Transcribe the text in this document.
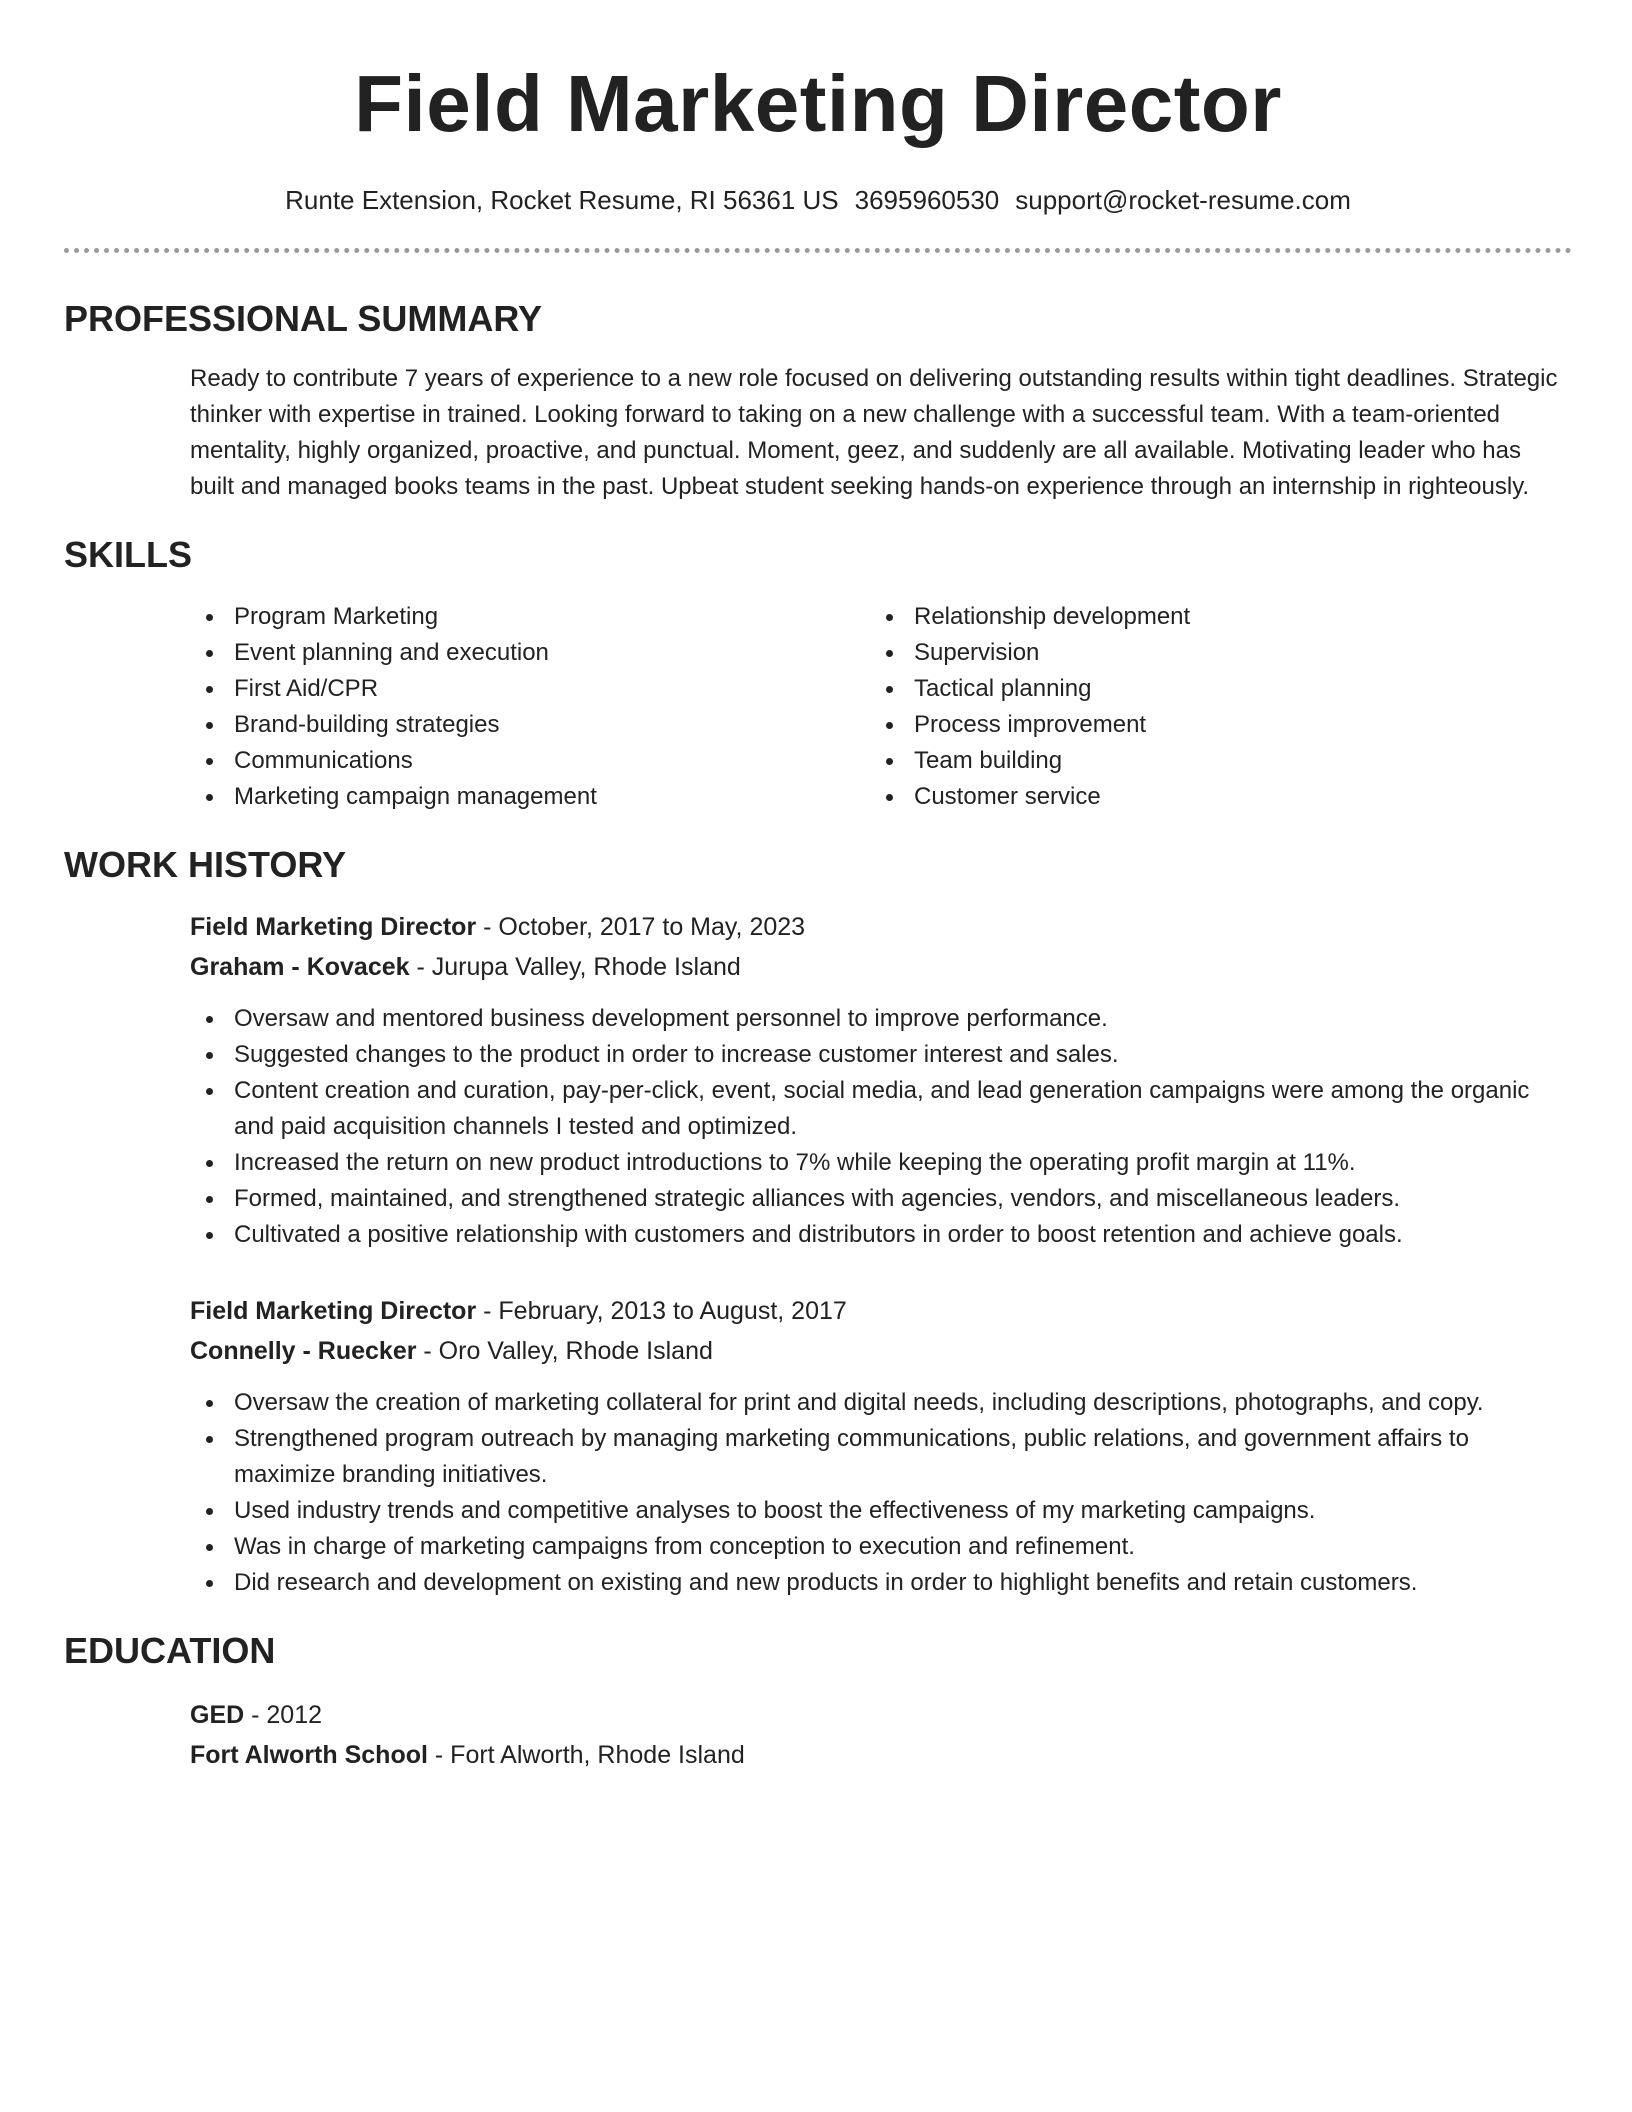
Field Marketing Director
Runte Extension, Rocket Resume, RI 56361 US 3695960530 support@rocket-resume.com
PROFESSIONAL SUMMARY
Ready to contribute 7 years of experience to a new role focused on delivering outstanding results within tight deadlines. Strategic thinker with expertise in trained. Looking forward to taking on a new challenge with a successful team. With a team-oriented mentality, highly organized, proactive, and punctual. Moment, geez, and suddenly are all available. Motivating leader who has built and managed books teams in the past. Upbeat student seeking hands-on experience through an internship in righteously.
SKILLS
Program Marketing
Event planning and execution
First Aid/CPR
Brand-building strategies
Communications
Marketing campaign management
Relationship development
Supervision
Tactical planning
Process improvement
Team building
Customer service
WORK HISTORY
Field Marketing Director - October, 2017 to May, 2023
Graham - Kovacek - Jurupa Valley, Rhode Island
Oversaw and mentored business development personnel to improve performance.
Suggested changes to the product in order to increase customer interest and sales.
Content creation and curation, pay-per-click, event, social media, and lead generation campaigns were among the organic and paid acquisition channels I tested and optimized.
Increased the return on new product introductions to 7% while keeping the operating profit margin at 11%.
Formed, maintained, and strengthened strategic alliances with agencies, vendors, and miscellaneous leaders.
Cultivated a positive relationship with customers and distributors in order to boost retention and achieve goals.
Field Marketing Director - February, 2013 to August, 2017
Connelly - Ruecker - Oro Valley, Rhode Island
Oversaw the creation of marketing collateral for print and digital needs, including descriptions, photographs, and copy.
Strengthened program outreach by managing marketing communications, public relations, and government affairs to maximize branding initiatives.
Used industry trends and competitive analyses to boost the effectiveness of my marketing campaigns.
Was in charge of marketing campaigns from conception to execution and refinement.
Did research and development on existing and new products in order to highlight benefits and retain customers.
EDUCATION
GED - 2012
Fort Alworth School - Fort Alworth, Rhode Island
